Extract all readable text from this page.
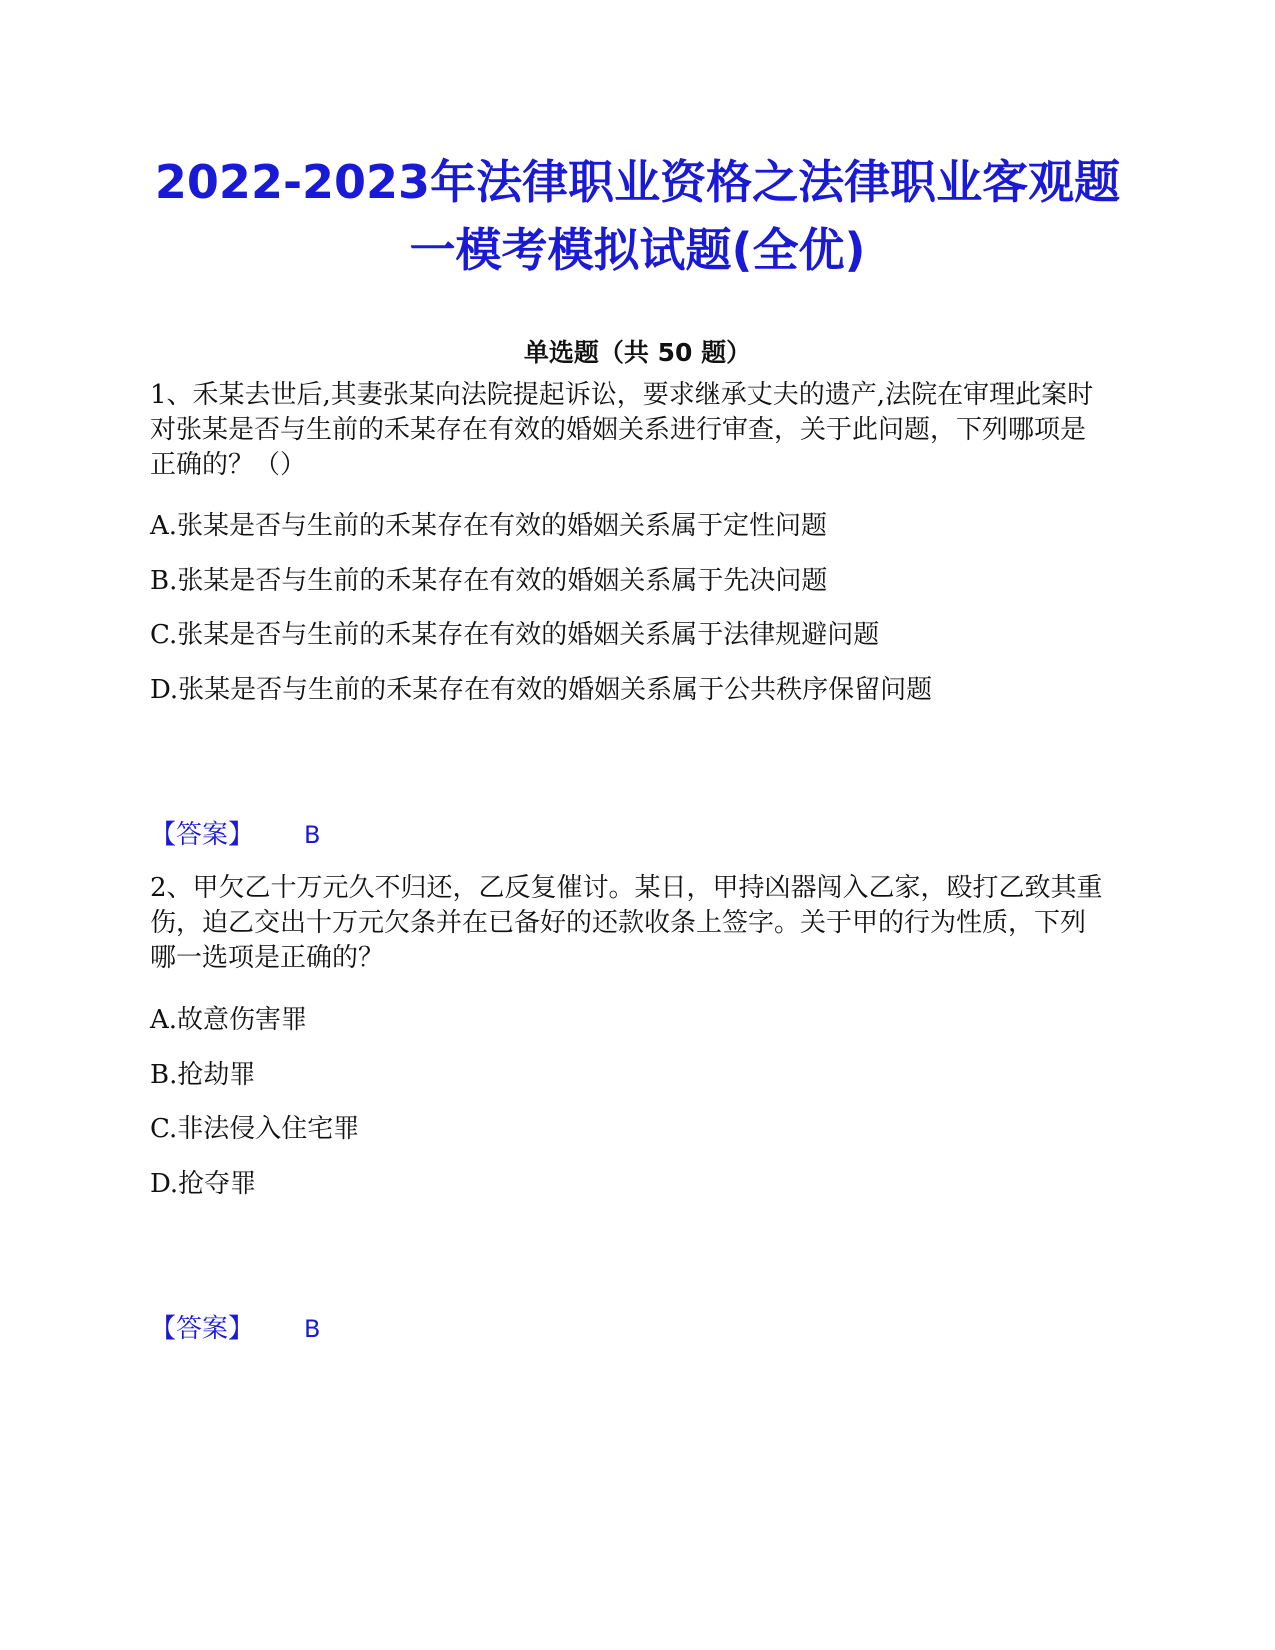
2022-2023年法律职业资格之法律职业客观题一模考模拟试题(全优)
单选题（共 50 题）

1、禾某去世后,其妻张某向法院提起诉讼，要求继承丈夫的遗产,法院在审理此案时对张某是否与生前的禾某存在有效的婚姻关系进行审查，关于此问题，下列哪项是正确的？（）

A.张某是否与生前的禾某存在有效的婚姻关系属于定性问题

B.张某是否与生前的禾某存在有效的婚姻关系属于先决问题

C.张某是否与生前的禾某存在有效的婚姻关系属于法律规避问题

D.张某是否与生前的禾某存在有效的婚姻关系属于公共秩序保留问题

【答案】 B

2、甲欠乙十万元久不归还，乙反复催讨。某日，甲持凶器闯入乙家，殴打乙致其重伤，迫乙交出十万元欠条并在已备好的还款收条上签字。关于甲的行为性质，下列哪一选项是正确的？

A.故意伤害罪

B.抢劫罪

C.非法侵入住宅罪

D.抢夺罪

【答案】 B
